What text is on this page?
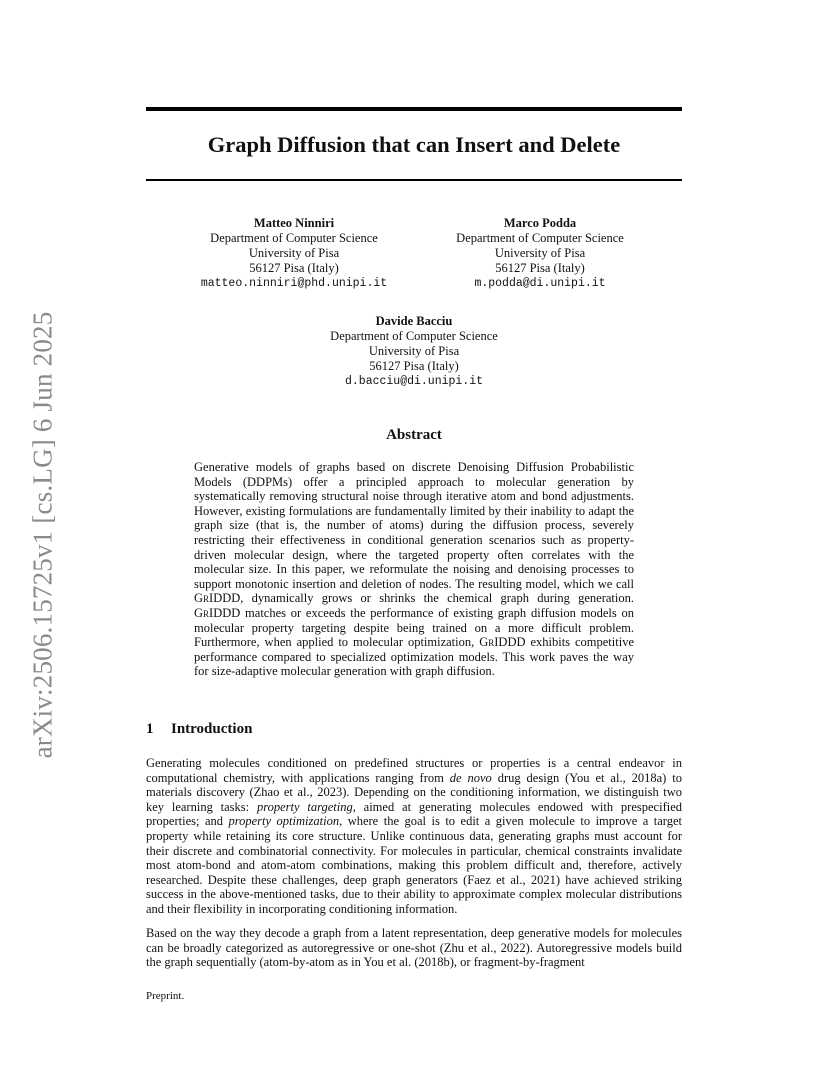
Graph Diffusion that can Insert and Delete
arXiv:2506.15725v1 [cs.LG] 6 Jun 2025
Matteo Ninniri
Department of Computer Science
University of Pisa
56127 Pisa (Italy)
matteo.ninniri@phd.unipi.it
Marco Podda
Department of Computer Science
University of Pisa
56127 Pisa (Italy)
m.podda@di.unipi.it
Davide Bacciu
Department of Computer Science
University of Pisa
56127 Pisa (Italy)
d.bacciu@di.unipi.it
Abstract

Generative models of graphs based on discrete Denoising Diffusion Probabilistic Models (DDPMs) offer a principled approach to molecular generation by systematically removing structural noise through iterative atom and bond adjustments. However, existing formulations are fundamentally limited by their inability to adapt the graph size (that is, the number of atoms) during the diffusion process, severely restricting their effectiveness in conditional generation scenarios such as property-driven molecular design, where the targeted property often correlates with the molecular size. In this paper, we reformulate the noising and denoising processes to support monotonic insertion and deletion of nodes. The resulting model, which we call GrIDDD, dynamically grows or shrinks the chemical graph during generation. GrIDDD matches or exceeds the performance of existing graph diffusion models on molecular property targeting despite being trained on a more difficult problem. Furthermore, when applied to molecular optimization, GrIDDD exhibits competitive performance compared to specialized optimization models. This work paves the way for size-adaptive molecular generation with graph diffusion.

1 Introduction

Generating molecules conditioned on predefined structures or properties is a central endeavor in computational chemistry, with applications ranging from de novo drug design (You et al., 2018a) to materials discovery (Zhao et al., 2023). Depending on the conditioning information, we distinguish two key learning tasks: property targeting, aimed at generating molecules endowed with prespecified properties; and property optimization, where the goal is to edit a given molecule to improve a target property while retaining its core structure. Unlike continuous data, generating graphs must account for their discrete and combinatorial connectivity. For molecules in particular, chemical constraints invalidate most atom-bond and atom-atom combinations, making this problem difficult and, therefore, actively researched. Despite these challenges, deep graph generators (Faez et al., 2021) have achieved striking success in the above-mentioned tasks, due to their ability to approximate complex molecular distributions and their flexibility in incorporating conditioning information.

Based on the way they decode a graph from a latent representation, deep generative models for molecules can be broadly categorized as autoregressive or one-shot (Zhu et al., 2022). Autoregressive models build the graph sequentially (atom-by-atom as in You et al. (2018b), or fragment-by-fragment

Preprint.
